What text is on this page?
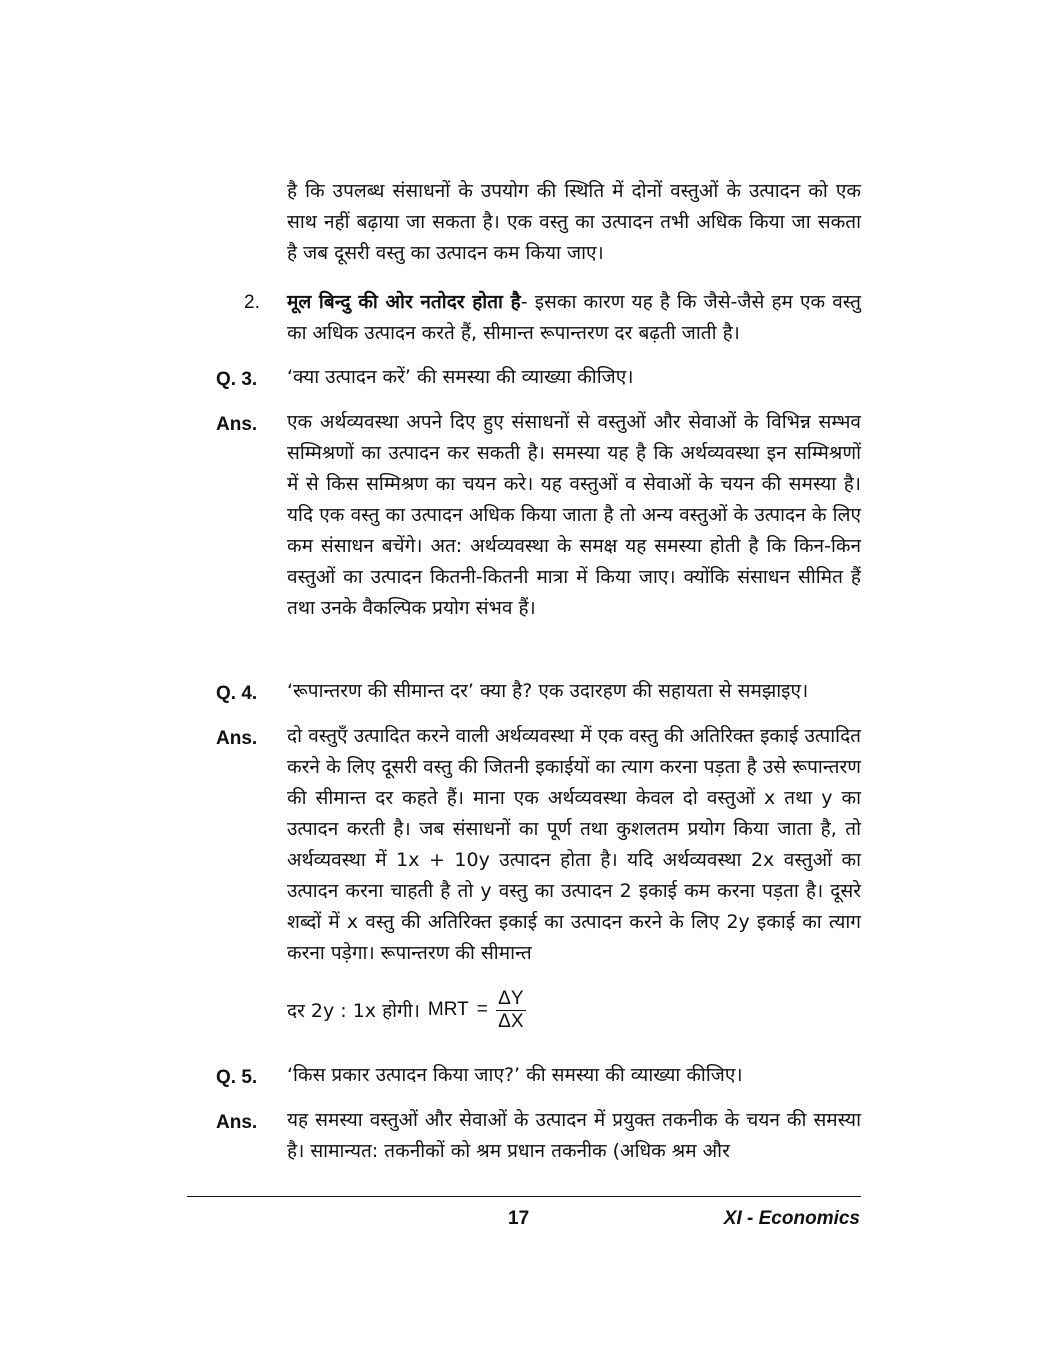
है कि उपलब्ध संसाधनों के उपयोग की स्थिति में दोनों वस्तुओं के उत्पादन को एक साथ नहीं बढ़ाया जा सकता है। एक वस्तु का उत्पादन तभी अधिक किया जा सकता है जब दूसरी वस्तु का उत्पादन कम किया जाए।
2. मूल बिन्दु की ओर नतोदर होता है- इसका कारण यह है कि जैसे-जैसे हम एक वस्तु का अधिक उत्पादन करते हैं, सीमान्त रूपान्तरण दर बढ़ती जाती है।
Q. 3. ‘क्या उत्पादन करें’ की समस्या की व्याख्या कीजिए।
Ans. एक अर्थव्यवस्था अपने दिए हुए संसाधनों से वस्तुओं और सेवाओं के विभिन्न सम्भव सम्मिश्रणों का उत्पादन कर सकती है। समस्या यह है कि अर्थव्यवस्था इन सम्मिश्रणों में से किस सम्मिश्रण का चयन करे। यह वस्तुओं व सेवाओं के चयन की समस्या है। यदि एक वस्तु का उत्पादन अधिक किया जाता है तो अन्य वस्तुओं के उत्पादन के लिए कम संसाधन बचेंगे। अत: अर्थव्यवस्था के समक्ष यह समस्या होती है कि किन-किन वस्तुओं का उत्पादन कितनी-कितनी मात्रा में किया जाए। क्योंकि संसाधन सीमित हैं तथा उनके वैकल्पिक प्रयोग संभव हैं।
Q. 4. ‘रूपान्तरण की सीमान्त दर’ क्या है? एक उदारहण की सहायता से समझाइए।
Ans. दो वस्तुएँ उत्पादित करने वाली अर्थव्यवस्था में एक वस्तु की अतिरिक्त इकाई उत्पादित करने के लिए दूसरी वस्तु की जितनी इकाईयों का त्याग करना पड़ता है उसे रूपान्तरण की सीमान्त दर कहते हैं। माना एक अर्थव्यवस्था केवल दो वस्तुओं x तथा y का उत्पादन करती है। जब संसाधनों का पूर्ण तथा कुशलतम प्रयोग किया जाता है, तो अर्थव्यवस्था में 1x + 10y उत्पादन होता है। यदि अर्थव्यवस्था 2x वस्तुओं का उत्पादन करना चाहती है तो y वस्तु का उत्पादन 2 इकाई कम करना पड़ता है। दूसरे शब्दों में x वस्तु की अतिरिक्त इकाई का उत्पादन करने के लिए 2y इकाई का त्याग करना पड़ेगा। रूपान्तरण की सीमान्त
दर 2y : 1x होगी। MRT = $\frac{\Delta Y}{\Delta X}$
Q. 5. ‘किस प्रकार उत्पादन किया जाए?’ की समस्या की व्याख्या कीजिए।
Ans. यह समस्या वस्तुओं और सेवाओं के उत्पादन में प्रयुक्त तकनीक के चयन की समस्या है। सामान्यत: तकनीकों को श्रम प्रधान तकनीक (अधिक श्रम और
17	XI - Economics
